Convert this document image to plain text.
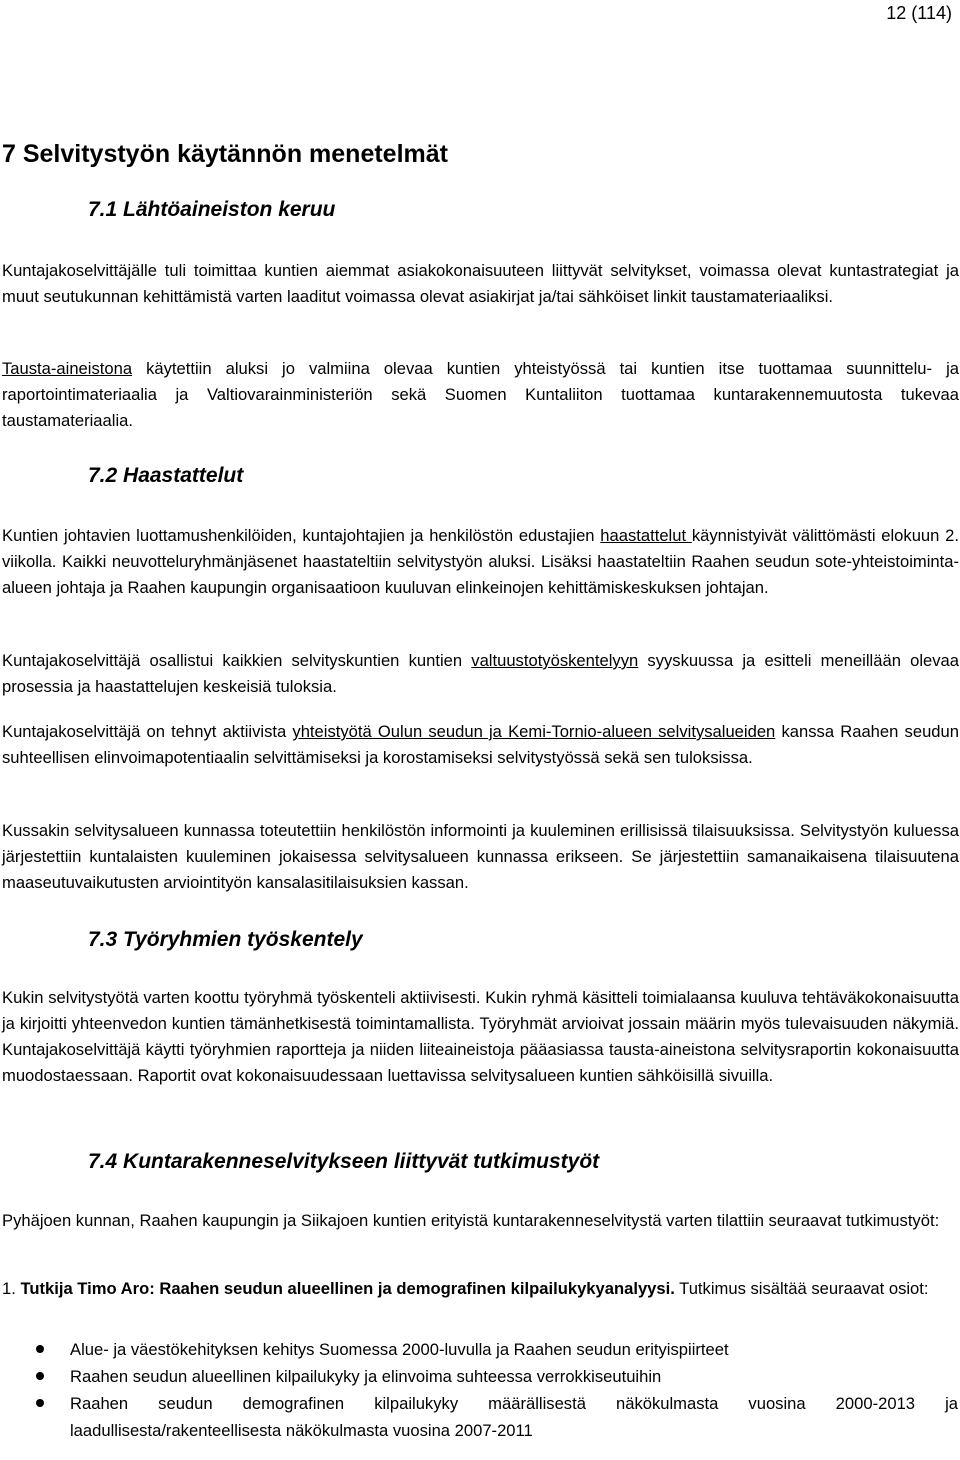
12 (114)
7 Selvitystyön käytännön menetelmät
7.1 Lähtöaineiston keruu
Kuntajakoselvittäjälle tuli toimittaa kuntien aiemmat asiakokonaisuuteen liittyvät selvitykset, voimassa olevat kuntastrategiat ja muut seutukunnan kehittämistä varten laaditut voimassa olevat asiakirjat ja/tai sähköiset linkit taustamateriaaliksi.
Tausta-aineistona käytettiin aluksi jo valmiina olevaa kuntien yhteistyössä tai kuntien itse tuottamaa suunnittelu- ja raportointimateriaalia ja Valtiovarainministeriön sekä Suomen Kuntaliiton tuottamaa kuntarakennemuutosta tukevaa taustamateriaalia.
7.2 Haastattelut
Kuntien johtavien luottamushenkilöiden, kuntajohtajien ja henkilöstön edustajien haastattelut käynnistyivät välittömästi elokuun 2. viikolla. Kaikki neuvotteluryhmänjäsenet haastateltiin selvitystyön aluksi. Lisäksi haastateltiin Raahen seudun sote-yhteistoiminta-alueen johtaja ja Raahen kaupungin organisaatioon kuuluvan elinkeinojen kehittämiskeskuksen johtajan.
Kuntajakoselvittäjä osallistui kaikkien selvityskuntien kuntien valtuustotyöskentelyyn syyskuussa ja esitteli meneillään olevaa prosessia ja haastattelujen keskeisiä tuloksia.
Kuntajakoselvittäjä on tehnyt aktiivista yhteistyötä Oulun seudun ja Kemi-Tornio-alueen selvitysalueiden kanssa Raahen seudun suhteellisen elinvoimapotentiaalin selvittämiseksi ja korostamiseksi selvitystyössä sekä sen tuloksissa.
Kussakin selvitysalueen kunnassa toteutettiin henkilöstön informointi ja kuuleminen erillisissä tilaisuuksissa. Selvitystyön kuluessa järjestettiin kuntalaisten kuuleminen jokaisessa selvitysalueen kunnassa erikseen. Se järjestettiin samanaikaisena tilaisuutena maaseutuvaikutusten arviointityön kansalasitilaisuksien kassan.
7.3 Työryhmien työskentely
Kukin selvitystyötä varten koottu työryhmä työskenteli aktiivisesti. Kukin ryhmä käsitteli toimialaansa kuuluva tehtäväkokonaisuutta ja kirjoitti yhteenvedon kuntien tämänhetkisestä toimintamallista. Työryhmät arvioivat jossain määrin myös tulevaisuuden näkymiä. Kuntajakoselvittäjä käytti työryhmien raportteja ja niiden liiteaineistoja pääasiassa tausta-aineistona selvitysraportin kokonaisuutta muodostaessaan. Raportit ovat kokonaisuudessaan luettavissa selvitysalueen kuntien sähköisillä sivuilla.
7.4 Kuntarakenneselvitykseen liittyvät tutkimustyöt
Pyhäjoen kunnan, Raahen kaupungin ja Siikajoen kuntien erityistä kuntarakenneselvitystä varten tilattiin seuraavat tutkimustyöt:
1. Tutkija Timo Aro: Raahen seudun alueellinen ja demografinen kilpailukykyanalyysi. Tutkimus sisältää seuraavat osiot:
Alue- ja väestökehityksen kehitys Suomessa 2000-luvulla ja Raahen seudun erityispiirteet
Raahen seudun alueellinen kilpailukyky ja elinvoima suhteessa verrokkiseutuihin
Raahen seudun demografinen kilpailukyky määrällisestä näkökulmasta vuosina 2000-2013 ja laadullisesta/rakenteellisesta näkökulmasta vuosina 2007-2011
